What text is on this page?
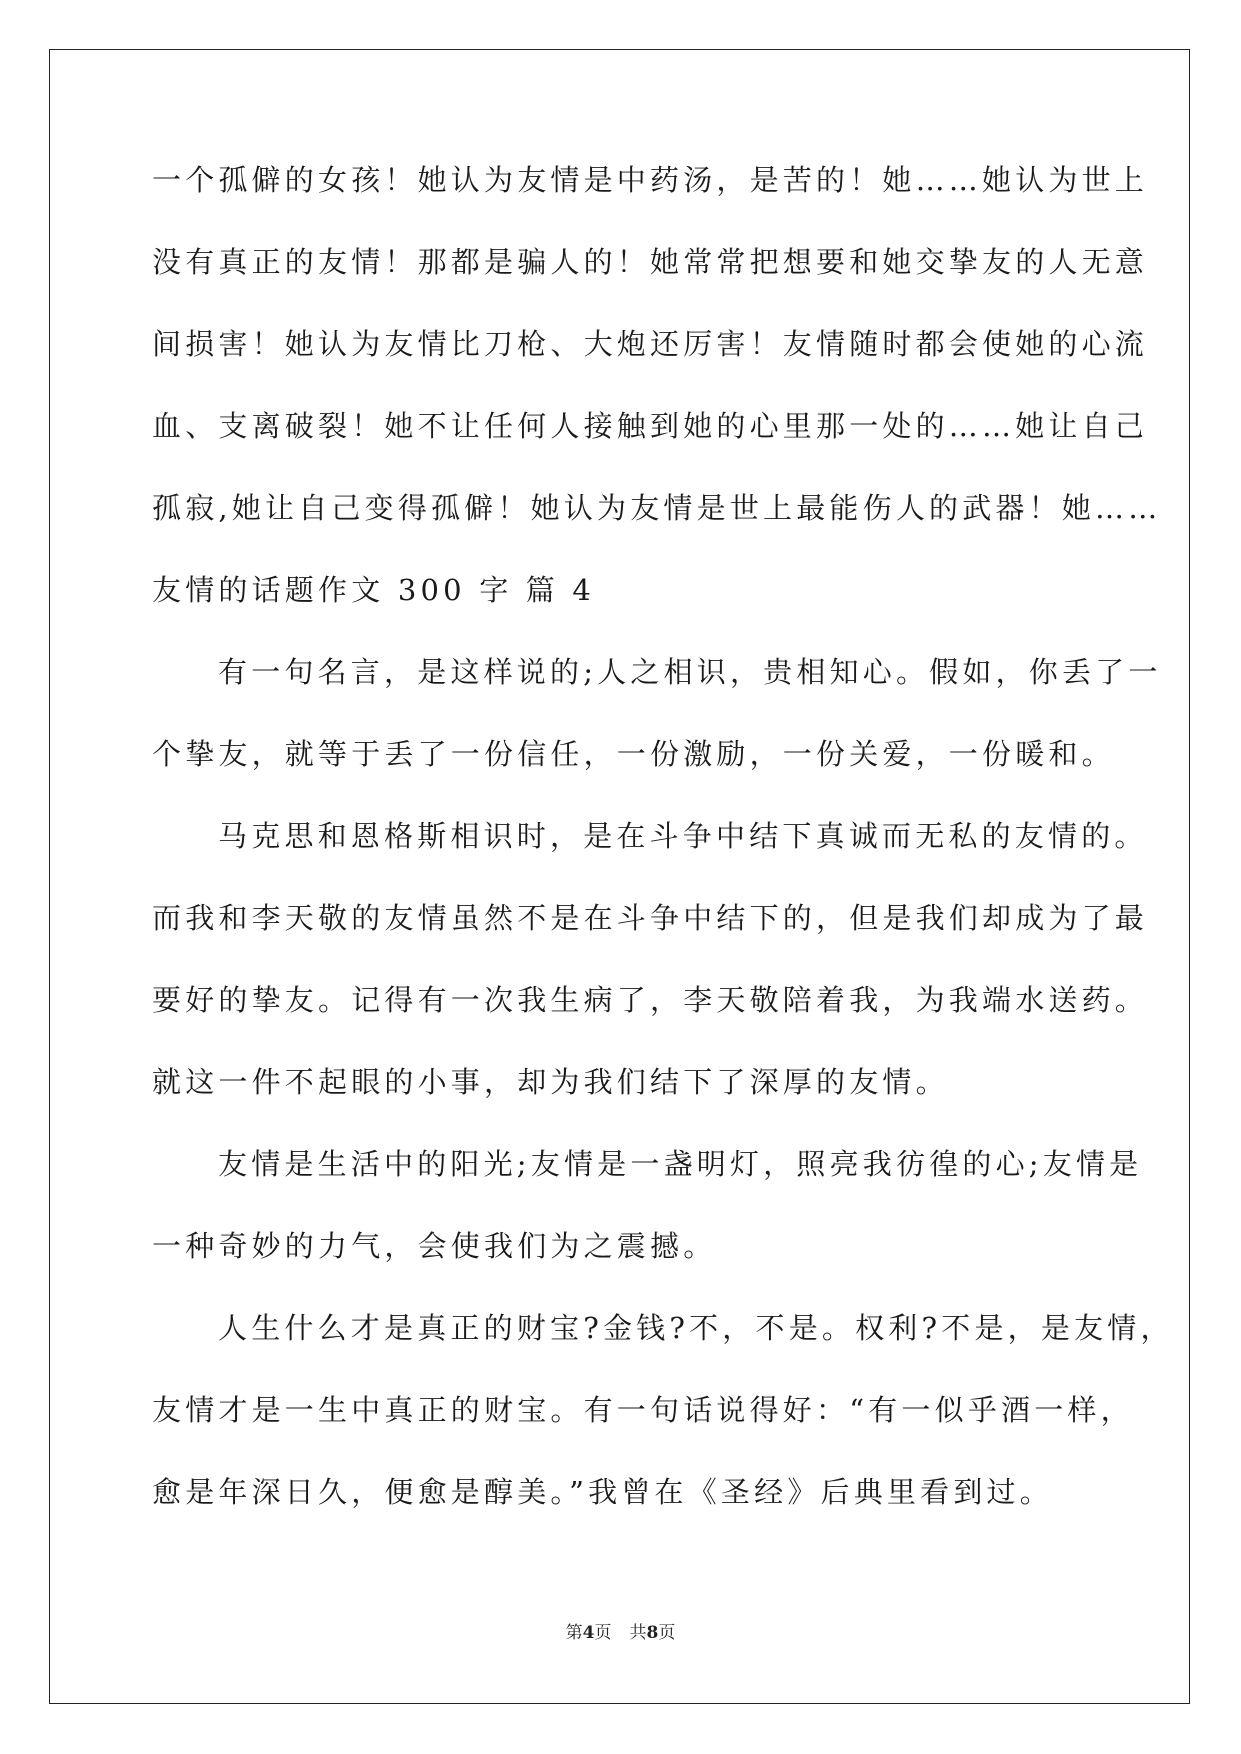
一个孤僻的女孩！她认为友情是中药汤，是苦的！她……她认为世上
没有真正的友情！那都是骗人的！她常常把想要和她交挚友的人无意
间损害！她认为友情比刀枪、大炮还厉害！友情随时都会使她的心流
血、支离破裂！她不让任何人接触到她的心里那一处的……她让自己
孤寂,她让自己变得孤僻！她认为友情是世上最能伤人的武器！她……
友情的话题作文 300 字 篇 4
有一句名言，是这样说的;人之相识，贵相知心。假如，你丢了一
个挚友，就等于丢了一份信任，一份激励，一份关爱，一份暖和。
马克思和恩格斯相识时，是在斗争中结下真诚而无私的友情的。
而我和李天敬的友情虽然不是在斗争中结下的，但是我们却成为了最
要好的挚友。记得有一次我生病了，李天敬陪着我，为我端水送药。
就这一件不起眼的小事，却为我们结下了深厚的友情。
友情是生活中的阳光;友情是一盏明灯，照亮我彷徨的心;友情是
一种奇妙的力气，会使我们为之震撼。
人生什么才是真正的财宝?金钱?不，不是。权利?不是，是友情，
友情才是一生中真正的财宝。有一句话说得好：“有一似乎酒一样，
愈是年深日久，便愈是醇美。”我曾在《圣经》后典里看到过。
第4页 共8页
